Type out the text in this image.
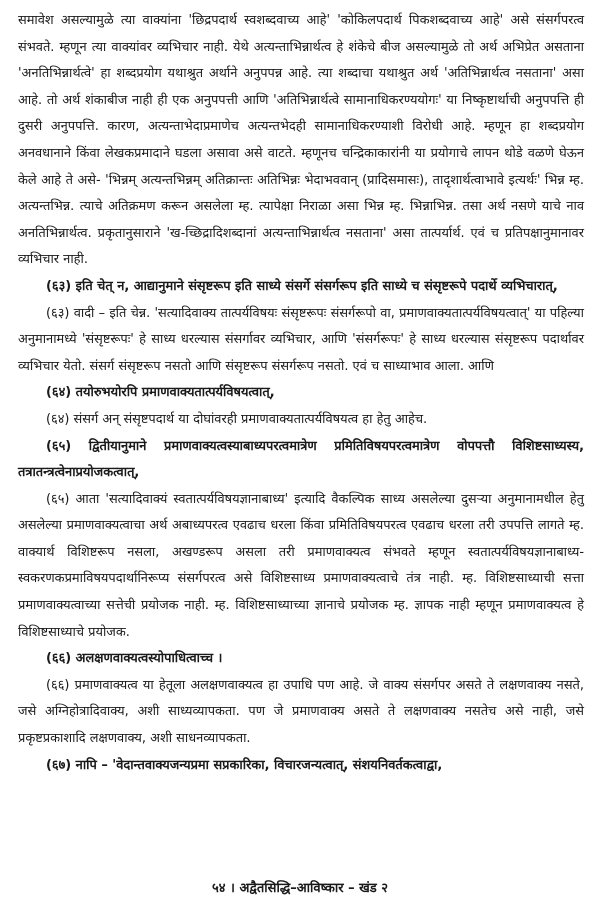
समावेश असल्यामुळे त्या वाक्यांना 'छिद्रपदार्थ स्वशब्दवाच्य आहे' 'कोकिलपदार्थ पिकशब्दवाच्य आहे' असे संसर्गपरत्व संभवते. म्हणून त्या वाक्यांवर व्यभिचार नाही. येथे अत्यन्ताभिन्नार्थत्व हे शंकेचे बीज असल्यामुळे तो अर्थ अभिप्रेत असताना 'अनतिभिन्नार्थत्वे' हा शब्दप्रयोग यथाश्रुत अर्थाने अनुपपन्न आहे. त्या शब्दाचा यथाश्रुत अर्थ 'अतिभिन्नार्थत्व नसताना' असा आहे. तो अर्थ शंकाबीज नाही ही एक अनुपपत्ती आणि 'अतिभिन्नार्थत्वे सामानाधिकरण्ययोगः' या निष्कृष्टार्थाची अनुपपत्ति ही दुसरी अनुपपत्ति. कारण, अत्यन्ताभेदाप्रमाणेच अत्यन्तभेदही सामानाधिकरण्याशी विरोधी आहे. म्हणून हा शब्दप्रयोग अनवधानाने किंवा लेखकप्रमादाने घडला असावा असे वाटते. म्हणूनच चन्द्रिकाकारांनी या प्रयोगाचे लापन थोडे वळणे घेऊन केले आहे ते असे- 'भिन्नम् अत्यन्तभिन्नम् अतिक्रान्तः अतिभिन्नः भेदाभववान् (प्रादिसमासः), तादृशार्थत्वाभावे इत्यर्थः' भिन्न म्ह. अत्यन्तभिन्न. त्याचे अतिक्रमण करून असलेला म्ह. त्यापेक्षा निराळा असा भिन्न म्ह. भिन्नाभिन्न. तसा अर्थ नसणे याचे नाव अनतिभिन्नार्थत्व. प्रकृतानुसाराने 'ख-च्छिद्रादिशब्दानां अत्यन्ताभिन्नार्थत्व नसताना' असा तात्पर्यार्थ. एवं च प्रतिपक्षानुमानावर व्यभिचार नाही.

(६३) इति चेत् न, आद्यानुमाने संसृष्टरूप इति साध्ये संसर्गे संसर्गरूप इति साध्ये च संसृष्टरूपे पदार्थे व्यभिचारात्,

(६३) वादी – इति चेन्न. 'सत्यादिवाक्य तात्पर्यविषयः संसृष्टरूपः संसर्गरूपो वा, प्रमाणवाक्यतात्पर्यविषयत्वात्' या पहिल्या अनुमानामध्ये 'संसृष्टरूपः' हे साध्य धरल्यास संसर्गावर व्यभिचार, आणि 'संसर्गरूपः' हे साध्य धरल्यास संसृष्टरूप पदार्थावर व्यभिचार येतो. संसर्ग संसृष्टरूप नसतो आणि संसृष्टरूप संसर्गरूप नसतो. एवं च साध्याभाव आला. आणि

(६४) तयोरुभयोरपि प्रमाणवाक्यतात्पर्यविषयत्वात्,

(६४) संसर्ग अन् संसृष्टपदार्थ या दोघांवरही प्रमाणवाक्यतात्पर्यविषयत्व हा हेतु आहेच.

(६५) द्वितीयानुमाने प्रमाणवाक्यत्वस्याबाध्यपरत्वमात्रेण प्रमितिविषयपरत्वमात्रेण वोपपत्तौ विशिष्टसाध्यस्य, तत्रातन्त्रत्वेनाप्रयोजकत्वात्,

(६५) आता 'सत्यादिवाक्यं स्वतात्पर्यविषयज्ञानाबाध्य' इत्यादि वैकल्पिक साध्य असलेल्या दुसऱ्या अनुमानामधील हेतु असलेल्या प्रमाणवाक्यत्वाचा अर्थ अबाध्यपरत्व एवढाच धरला किंवा प्रमितिविषयपरत्व एवढाच धरला तरी उपपत्ति लागते म्ह. वाक्यार्थ विशिष्टरूप नसला, अखण्डरूप असला तरी प्रमाणवाक्यत्व संभवते म्हणून स्वतात्पर्यविषयज्ञानाबाध्य-स्वकरणकप्रमाविषयपदार्थानिरूप्य संसर्गपरत्व असे विशिष्टसाध्य प्रमाणवाक्यत्वाचे तंत्र नाही. म्ह. विशिष्टसाध्याची सत्ता प्रमाणवाक्यत्वाच्या सत्तेची प्रयोजक नाही. म्ह. विशिष्टसाध्याच्या ज्ञानाचे प्रयोजक म्ह. ज्ञापक नाही म्हणून प्रमाणवाक्यत्व हे विशिष्टसाध्याचे प्रयोजक.

(६६) अलक्षणवाक्यत्वस्योपाधित्वाच्च ।

(६६) प्रमाणवाक्यत्व या हेतूला अलक्षणवाक्यत्व हा उपाधि पण आहे. जे वाक्य संसर्गपर असते ते लक्षणवाक्य नसते, जसे अग्निहोत्रादिवाक्य, अशी साध्यव्यापकता. पण जे प्रमाणवाक्य असते ते लक्षणवाक्य नसतेच असे नाही, जसे प्रकृष्टप्रकाशादि लक्षणवाक्य, अशी साधनव्यापकता.

(६७) नापि – 'वेदान्तवाक्यजन्यप्रमा सप्रकारिका, विचारजन्यत्वात्, संशयनिवर्तकत्वाद्वा,

५४ । अद्वैतसिद्धि–आविष्कार – खंड २
